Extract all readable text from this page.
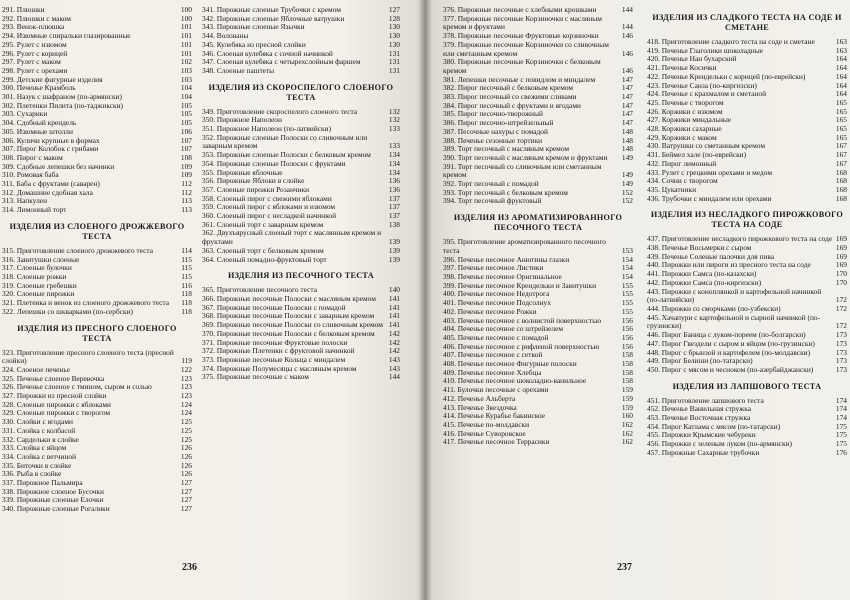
291. Плюшки	100
292. Плюшки с маком	100
293. Венок-плюшка	101
294. Изюмные спиральки глазированные	101
295. Рулет с изюмом	101
296. Рулет с корицей	101
297. Рулет с маком	102
298. Рулет с орехами	103
299. Детские фигурные изделия	103
300. Печенье Крамболь	104
301. Назук с шафраном (по-армянски)	104
302. Плетенки Пилита (по-таджикски)	105
303. Сухарики	105
304. Сдобный крендель	105
305. Изюмные штолли	106
306. Куличи крупные в формах	107
307. Пирог Колобок с грибами	107
308. Пирог с маком	108
309. Сдобные лепешки без начинки	109
310. Ромовая баба	109
311. Баба с фруктами (саварен)	112
312. Домашние сдобная хала	112
313. Напкулен	113
314. Лимонный торт	113
ИЗДЕЛИЯ ИЗ СЛОЕНОГО ДРОЖЖЕВОГО ТЕСТА
315. Приготовление слоеного дрожжевого теста	114
316. Завитушки слоеные	115
317. Слоеные булочки	115
318. Слоеные рожки	115
319. Слоеные гребешки	116
320. Слоеные пирожки	118
321. Плетенка и венок из слоеного дрожжевого теста	118
322. Лепешки со шкварками (по-сербски)	118
ИЗДЕЛИЯ ИЗ ПРЕСНОГО СЛОЕНОГО ТЕСТА
323. Приготовление пресного слоеного теста (пресной слойки)	119
324. Слоеное печенье	122
325. Печенье слоеное Веревочка	123
326. Печенье слоеное с тмином, сыром и солью	123
327. Пирожки из пресной слойки	123
328. Слоеные пирожки с яблоками	124
329. Слоеные пирожки с творогом	124
330. Слойки с ягодами	125
331. Слойка с колбасой	125
332. Сардельки в слойке	125
333. Слойка с яйцом	126
334. Слойка с ветчиной	126
335. Биточки в слойке	126
336. Рыба в слойке	126
337. Пирожное Пальмира	127
338. Пирожное слоеное Бусочки	127
339. Пирожные слоеные Елочки	127
340. Пирожные слоеные Рогалики	127
341. Пирожные слоеные Трубочки с кремом	127
342. Пирожные слоеные Яблочные ватрушки	128
343. Пирожные слоеные Язычки	130
344. Волованы	130
345. Кулебяка из пресной слойки	130
346. Слоеная кулебяка с сочной начинкой	131
347. Слоеная кулебяка с четырехслойным фаршем	131
348. Слоеные паштеты	131
ИЗДЕЛИЯ ИЗ СКОРОСПЕЛОГО СЛОЕНОГО ТЕСТА
349. Приготовление скороспелого слоеного теста	132
350. Пирожное Наполеон	132
351. Пирожное Наполеон (по-латвийски)	133
352. Пирожные слоеные Полоски со сливочным или заварным кремом	133
353. Пирожные слоеные Полоски с белковым кремом	134
354. Пирожные слоеные Полоски с фруктами	134
355. Пирожные яблочные	134
356. Пирожные Яблоки в слойке	136
357. Слоеные пирожки Розанчики	136
358. Слоеный пирог с свежими яблоками	137
359. Слоеный пирог с яблоками и изюмом	137
360. Слоеный пирог с несладкой начинкой	137
361. Слоеный торт с заварным кремом	138
362. Двухъярусный слоеный торт с маслянным кремом и фруктами	139
363. Слоеный торт с белковым кремом	139
364. Слоеный помадно-фруктовый торт	139
ИЗДЕЛИЯ ИЗ ПЕСОЧНОГО ТЕСТА
365. Приготовление песочного теста	140
366. Пирожные песочные Полоски с масляным кремом	141
367. Пирожные песочные Полоски с помадой	141
368. Пирожные песочные Полоски с заварным кремом	141
369. Пирожные песочные Полоски со сливочным кремом 141
370. Пирожные песочные Полоски с белковым кремом	142
371. Пирожные песочные Фруктовые полоски	142
372. Пирожные Плетенки с фруктовой начинкой	142
373. Пирожные песочные Кольца с миндалем	143
374. Пирожные Полумесяцы с масляным кремом	143
375. Пирожные песочные с маком	144
236
376. Пирожные песочные с хлебными крошками	144
377. Пирожные песочные Корзиночки с масляным кремом и фруктами	144
378. Пирожные песочные Фруктовые корзиночки	146
379. Пирожные песочные Корзиночки со сливочным или сметанным кремом	146
380. Пирожные песочные Корзиночки с белковым кремом	146
381. Лепешки песочные с повидлом и миндалем	147
382. Пирог песочный с белковым кремом	147
383. Пирог песочный со свежими сливами	147
384. Пирог песочный с фруктами и ягодами	147
385. Пирог песочно-творожный	147
386. Пирог песочно-штрейзельный	147
387. Песочные нахуры с помадой	148
388. Печенье сезонные тортики	148
389. Торт песочный с масляным кремом	148
390. Торт песочный с масляным кремом и фруктами	149
391. Торт песочный со сливочным или сметанным кремом	149
392. Торт песочный с помадой	149
393. Торт песочный с белковым кремом	152
394. Торт песочный фруктовый	152
ИЗДЕЛИЯ ИЗ АРОМАТИЗИРОВАННОГО ПЕСОЧНОГО ТЕСТА
395. Приготовление ароматизированного песочного теста	153
396. Печенье песочное Анютины глазки	154
397. Печенье песочное Листики	154
398. Печенье песочное Оригинальное	154
399. Печенье песочное Крендельки и Завитушки	155
400. Печенье песочное Недотрога	155
401. Печенье песочное Подсолнух	155
402. Печенье песочное Рожки	155
403. Печенье песочное с волнистой поверхностью	156
404. Печенье песочное со штрейзелем	156
405. Печенье песочное с помадой	156
406. Печенье песочное с рифленой поверхностью	156
407. Печенье песочное с сеткой	158
408. Печенье песочное Фигурные полоски	158
409. Печенье песочное Хлебцы	158
410. Печенье песочное шоколадно-ванильное	158
411. Булочки песочные с орехами	159
412. Печенье Альберта	159
413. Печенье Звездочка	159
414. Печенье Курабье бакинское	160
415. Печенье по-молдавски	162
416. Печенье Суворовское	162
417. Печенье песочное Террасики	162
ИЗДЕЛИЯ ИЗ СЛАДКОГО ТЕСТА НА СОДЕ И СМЕТАНЕ
418. Приготовление сладкого теста на соде и сметане	163
419. Печенье Глаголики шоколадные	163
420. Печенье Нан бухарский	164
421. Печенье Косички	164
422. Печенье Крендельки с корицей (по-еврейски)	164
423. Печенье Санза (по-киргизски)	164
424. Печенье с крахмалом и сметаной	164
425. Печенье с творогом	165
426. Коржики с изюмом	165
427. Коржики миндальные	165
428. Коржики сахарные	165
429. Коржики с маком	165
430. Ватрушки со сметанным кремом	167
431. Беймел хале (по-еврейски)	167
432. Пирог лимонный	167
433. Рулет с грецкими орехами и медом	168
434. Сочни с творогом	168
435. Цукатники	168
436. Трубочки с миндалем или орехами	168
ИЗДЕЛИЯ ИЗ НЕСЛАДКОГО ПИРОЖКОВОГО ТЕСТА НА СОДЕ
437. Приготовление несладкого пирожкового теста на соде 169
438. Печенье Восьмерки с сыром	169
439. Печенье Соленые палочки для пива	169
440. Пирожки или пироги из пресного теста на соде	169
441. Пирожки Самса (по-казахски)	170
442. Пирожки Самса (по-киргизски)	170
443. Пирожки с коноплянкой и картофельной начинкой (по-латвийски)	172
444. Пирожки со сморчками (по-узбекски)	172
445. Хачапури с картофельной и сырной начинкой (по-грузински)	172
446. Пирог Баница с луком-пореем (по-болгарски)	173
447. Пирог Гвездели с сыром и яйцом (по-грузински)	173
448. Пирог с брынзой и картофелем (по-молдавски)	173
449. Пирог Белиши (по-татарски)	173
450. Пирог с мясом и чесноком (по-азербайджански)	173
ИЗДЕЛИЯ ИЗ ЛАПШОВОГО ТЕСТА
451. Приготовление лапшового теста	174
452. Печенье Ванильная стружка	174
453. Печенье Восточная стружка	174
454. Пирог Катлама с мясом (по-татарски)	175
455. Пирожки Крымские чебуреки	175
456. Пирожки с зеленым луком (по-армянски)	175
457. Пирожные Сахарные трубочки	176
237
